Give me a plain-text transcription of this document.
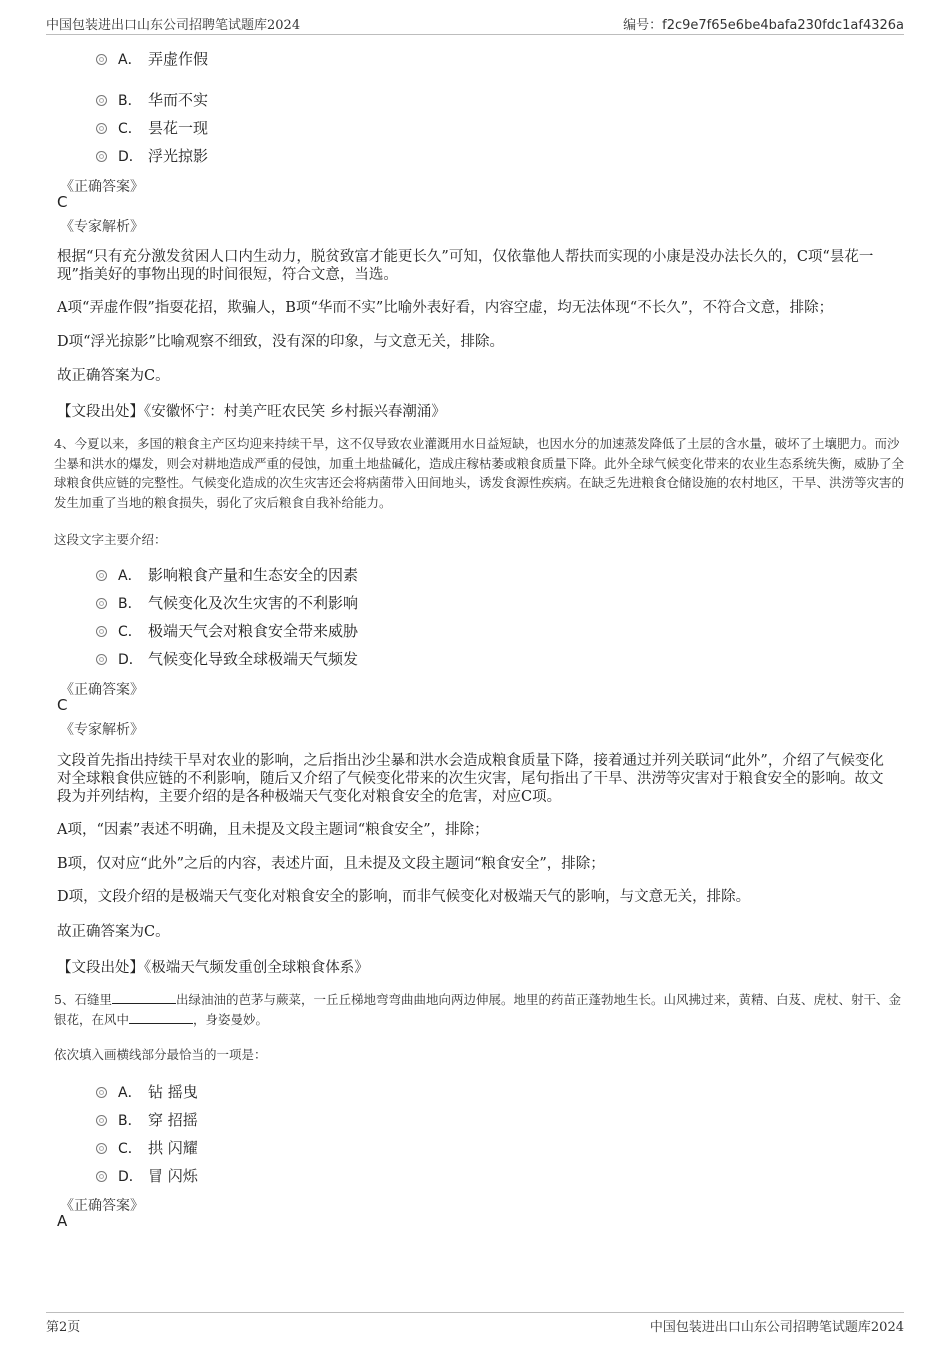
中国包装进出口山东公司招聘笔试题库2024	编号：f2c9e7f65e6be4bafa230fdc1af4326a
A． 弄虚作假
B． 华而不实
C． 昙花一现
D． 浮光掠影
《正确答案》
C
《专家解析》
根据“只有充分激发贫困人口内生动力，脱贫致富才能更长久”可知，仅依靠他人帮扶而实现的小康是没办法长久的，C项“昙花一现”指美好的事物出现的时间很短，符合文意，当选。
A项“弄虚作假”指耍花招，欺骗人，B项“华而不实”比喻外表好看，内容空虚，均无法体现“不长久”，不符合文意，排除；
D项“浮光掠影”比喻观察不细致，没有深的印象，与文意无关，排除。
故正确答案为C。
【文段出处】《安徽怀宁：村美产旺农民笑 乡村振兴春潮涌》
4、今夏以来，多国的粮食主产区均迎来持续干旱，这不仅导致农业灌溉用水日益短缺，也因水分的加速蒸发降低了土层的含水量，破坏了土壤肥力。而沙尘暴和洪水的爆发，则会对耕地造成严重的侵蚀，加重土地盐碱化，造成庄稼枯萎或粮食质量下降。此外全球气候变化带来的农业生态系统失衡，威胁了全球粮食供应链的完整性。气候变化造成的次生灾害还会将病菌带入田间地头，诱发食源性疾病。在缺乏先进粮食仓储设施的农村地区，干旱、洪涝等灾害的发生加重了当地的粮食损失，弱化了灾后粮食自我补给能力。
这段文字主要介绍：
A． 影响粮食产量和生态安全的因素
B． 气候变化及次生灾害的不利影响
C． 极端天气会对粮食安全带来威胁
D． 气候变化导致全球极端天气频发
《正确答案》
C
《专家解析》
文段首先指出持续干旱对农业的影响，之后指出沙尘暴和洪水会造成粮食质量下降，接着通过并列关联词“此外”，介绍了气候变化对全球粮食供应链的不利影响，随后又介绍了气候变化带来的次生灾害，尾句指出了干旱、洪涝等灾害对于粮食安全的影响。故文段为并列结构，主要介绍的是各种极端天气变化对粮食安全的危害，对应C项。
A项，“因素”表述不明确，且未提及文段主题词“粮食安全”，排除；
B项，仅对应“此外”之后的内容，表述片面，且未提及文段主题词“粮食安全”，排除；
D项，文段介绍的是极端天气变化对粮食安全的影响，而非气候变化对极端天气的影响，与文意无关，排除。
故正确答案为C。
【文段出处】《极端天气频发重创全球粮食体系》
5、石缝里	出绿油油的芭茅与蕨菜，一丘丘梯地弯弯曲曲地向两边伸展。地里的药苗正蓬勃地生长。山风拂过来，黄精、白芨、虎杖、射干、金银花，在风中	，身姿曼妙。
依次填入画横线部分最恰当的一项是：
A． 钻 摇曳
B． 穿 招摇
C． 拱 闪耀
D． 冒 闪烁
《正确答案》
A
第2页	中国包装进出口山东公司招聘笔试题库2024
